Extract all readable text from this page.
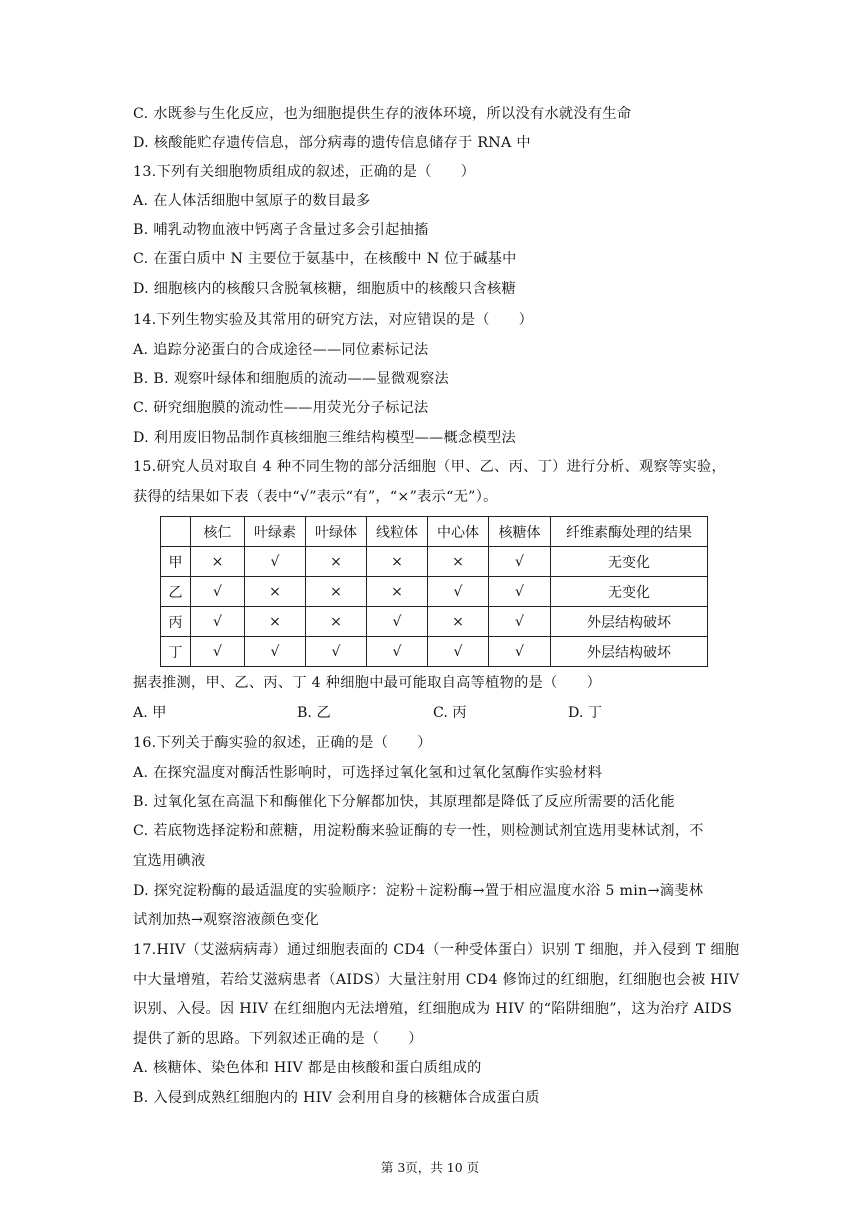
C. 水既参与生化反应，也为细胞提供生存的液体环境，所以没有水就没有生命
D. 核酸能贮存遗传信息，部分病毒的遗传信息储存于 RNA 中
13.下列有关细胞物质组成的叙述，正确的是（　　）
A. 在人体活细胞中氢原子的数目最多
B. 哺乳动物血液中钙离子含量过多会引起抽搐
C. 在蛋白质中 N 主要位于氨基中，在核酸中 N 位于碱基中
D. 细胞核内的核酸只含脱氧核糖，细胞质中的核酸只含核糖
14.下列生物实验及其常用的研究方法，对应错误的是（　　）
A. 追踪分泌蛋白的合成途径——同位素标记法
B. B. 观察叶绿体和细胞质的流动——显微观察法
C. 研究细胞膜的流动性——用荧光分子标记法
D. 利用废旧物品制作真核细胞三维结构模型——概念模型法
15.研究人员对取自 4 种不同生物的部分活细胞（甲、乙、丙、丁）进行分析、观察等实验，
获得的结果如下表（表中“√”表示“有”，“×”表示“无”）。
	核仁	叶绿素	叶绿体	线粒体	中心体	核糖体	纤维素酶处理的结果
甲	×	√	×	×	×	√	无变化
乙	√	×	×	×	√	√	无变化
丙	√	×	×	√	×	√	外层结构破坏
丁	√	√	√	√	√	√	外层结构破坏
据表推测，甲、乙、丙、丁 4 种细胞中最可能取自高等植物的是（　　）
A. 甲	B. 乙	C. 丙	D. 丁
16.下列关于酶实验的叙述，正确的是（　　）
A. 在探究温度对酶活性影响时，可选择过氧化氢和过氧化氢酶作实验材料
B. 过氧化氢在高温下和酶催化下分解都加快，其原理都是降低了反应所需要的活化能
C. 若底物选择淀粉和蔗糖，用淀粉酶来验证酶的专一性，则检测试剂宜选用斐林试剂，不
宜选用碘液
D. 探究淀粉酶的最适温度的实验顺序：淀粉＋淀粉酶→置于相应温度水浴 5 min→滴斐林
试剂加热→观察溶液颜色变化
17.HIV（艾滋病病毒）通过细胞表面的 CD4（一种受体蛋白）识别 T 细胞，并入侵到 T 细胞
中大量增殖，若给艾滋病患者（AIDS）大量注射用 CD4 修饰过的红细胞，红细胞也会被 HIV
识别、入侵。因 HIV 在红细胞内无法增殖，红细胞成为 HIV 的“陷阱细胞”，这为治疗 AIDS
提供了新的思路。下列叙述正确的是（　　）
A. 核糖体、染色体和 HIV 都是由核酸和蛋白质组成的
B. 入侵到成熟红细胞内的 HIV 会利用自身的核糖体合成蛋白质
第 3页，共 10 页
